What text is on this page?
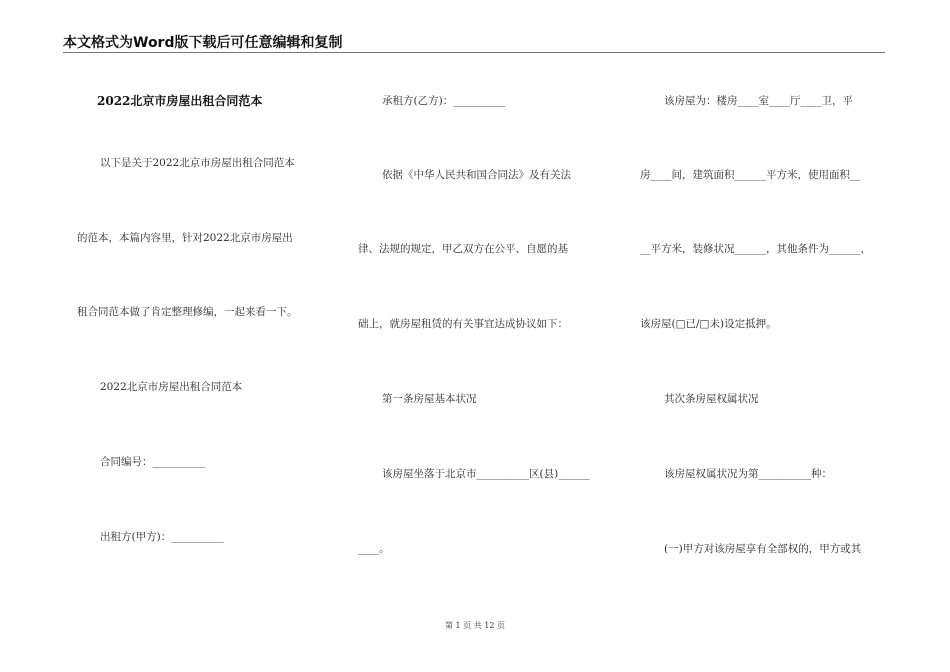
本文格式为Word版下载后可任意编辑和复制
2022北京市房屋出租合同范本
以下是关于2022北京市房屋出租合同范本
的范本，本篇内容里，针对2022北京市房屋出
租合同范本做了肯定整理修编，一起来看一下。
2022北京市房屋出租合同范本
合同编号：__________
出租方(甲方)：__________
承租方(乙方)：__________
依据《中华人民共和国合同法》及有关法
律、法规的规定，甲乙双方在公平、自愿的基
础上，就房屋租赁的有关事宜达成协议如下：
第一条房屋基本状况
该房屋坐落于北京市__________区(县)______
____。
该房屋为：楼房____室____厅____卫，平
房____间，建筑面积______平方米，使用面积__
__平方米，装修状况______，其他条件为______，
该房屋(□已/□未)设定抵押。
其次条房屋权属状况
该房屋权属状况为第__________种：
(一)甲方对该房屋享有全部权的，甲方或其
第 1 页 共 12 页
